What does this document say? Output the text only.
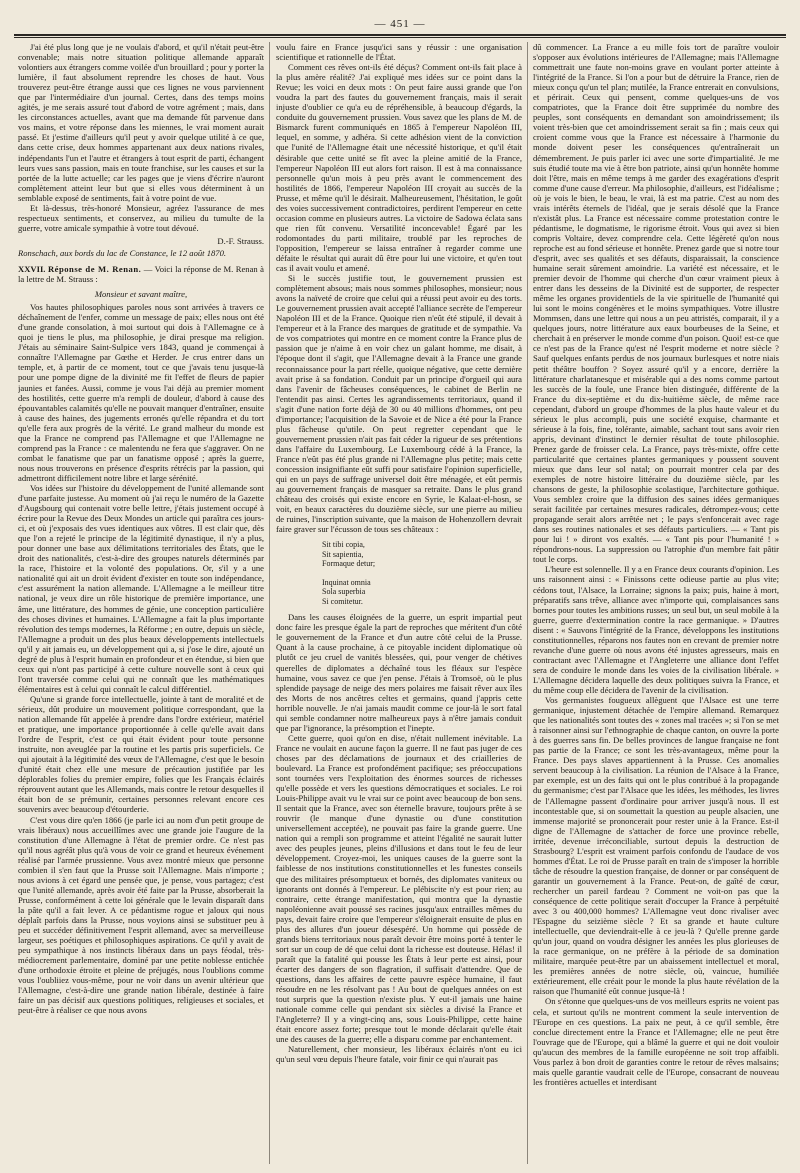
— 451 —

J'ai été plus long que je ne voulais d'abord, et qu'il n'était peut-être convenable; mais notre situation politique allemande apparaît volontiers aux étrangers comme voilée d'un brouillard ; pour y porter la lumière, il faut absolument reprendre les choses de haut. Vous trouverez peut-être étrange aussi que ces lignes ne vous parviennent que par l'intermédiaire d'un journal. Certes, dans des temps moins agités, je me serais assuré tout d'abord de votre agrément ; mais, dans les circonstances actuelles, avant que ma demande fût parvenue dans vos mains, et votre réponse dans les miennes, le vrai moment aurait passé. Et j'estime d'ailleurs qu'il peut y avoir quelque utilité à ce que, dans cette crise, deux hommes appartenant aux deux nations rivales, indépendants l'un et l'autre et étrangers à tout esprit de parti, échangent leurs vues sans passion, mais en toute franchise, sur les causes et sur la portée de la lutte actuelle; car les pages que je viens d'écrire n'auront complètement atteint leur but que si elles vous déterminent à un semblable exposé de sentiments, fait à votre point de vue.

Et là-dessus, très-honoré Monsieur, agréez l'assurance de mes respectueux sentiments, et conservez, au milieu du tumulte de la guerre, votre amicale sympathie à votre tout dévoué.

D.-F. Strauss.
Ronschach, aux bords du lac de Constance, le 12 août 1870.

XXVII. Réponse de M. Renan. — Voici la réponse de M. Renan à la lettre de M. Strauss :

Monsieur et savant maître,

Vos hautes philosophiques paroles nous sont arrivées à travers ce déchaînement de l'enfer, comme un message de paix; elles nous ont été d'une grande consolation, à moi surtout qui dois à l'Allemagne ce à quoi je tiens le plus, ma philosophie, je dirai presque ma religion. J'étais au séminaire Saint-Sulpice vers 1843, quand je commençai à connaître l'Allemagne par Gœthe et Herder. Je crus entrer dans un temple, et, à partir de ce moment, tout ce que j'avais tenu jusque-là pour une pompe digne de la divinité me fit l'effet de fleurs de papier jaunies et fanées. Aussi, comme je vous l'ai déjà au premier moment des hostilités, cette guerre m'a rempli de douleur, d'abord à cause des épouvantables calamités qu'elle ne pouvait manquer d'entraîner, ensuite à cause des haines, des jugements erronés qu'elle répandra et du tort qu'elle fera aux progrès de la vérité. Le grand malheur du monde est que la France ne comprend pas l'Allemagne et que l'Allemagne ne comprend pas la France : ce malentendu ne fera que s'aggraver. On ne combat le fanatisme que par un fanatisme opposé ; après la guerre, nous nous trouverons en présence d'esprits rétrécis par la passion, qui admettront difficilement notre libre et large sérénité.

Vos idées sur l'histoire du développement de l'unité allemande sont d'une parfaite justesse. Au moment où j'ai reçu le numéro de la Gazette d'Augsbourg qui contenait votre belle lettre, j'étais justement occupé à écrire pour la Revue des Deux Mondes un article qui paraîtra ces jours-ci, et où j'exposais des vues identiques aux vôtres. Il est clair que, dès que l'on a rejeté le principe de la légitimité dynastique, il n'y a plus, pour donner une base aux délimitations territoriales des États, que le droit des nationalités, c'est-à-dire des groupes naturels déterminés par la race, l'histoire et la volonté des populations. Or, s'il y a une nationalité qui ait un droit évident d'exister en toute son indépendance, c'est assurément la nation allemande. L'Allemagne a le meilleur titre national, je veux dire un rôle historique de première importance, une âme, une littérature, des hommes de génie, une conception particulière des choses divines et humaines. L'Allemagne a fait la plus importante révolution des temps modernes, la Réforme ; en outre, depuis un siècle, l'Allemagne a produit un des plus beaux développements intellectuels qu'il y ait jamais eu, un développement qui a, si j'ose le dire, ajouté un degré de plus à l'esprit humain en profondeur et en étendue, si bien que ceux qui n'ont pas participé à cette culture nouvelle sont à ceux qui l'ont traversée comme celui qui ne connaît que les mathématiques élémentaires est à celui qui connaît le calcul différentiel.

Qu'une si grande force intellectuelle, jointe à tant de moralité et de sérieux, dût produire un mouvement politique correspondant, que la nation allemande fût appelée à prendre dans l'ordre extérieur, matériel et pratique, une importance proportionnée à celle qu'elle avait dans l'ordre de l'esprit, c'est ce qui était évident pour toute personne instruite, non aveuglée par la routine et les partis pris superficiels. Ce qui ajoutait à la légitimité des vœux de l'Allemagne, c'est que le besoin d'unité était chez elle une mesure de précaution justifiée par les déplorables folies du premier empire, folies que les Français éclairés réprouvent autant que les Allemands, mais contre le retour desquelles il était bon de se prémunir, certaines personnes relevant encore ces souvenirs avec beaucoup d'étourderie.

C'est vous dire qu'en 1866 (je parle ici au nom d'un petit groupe de vrais libéraux) nous accueillîmes avec une grande joie l'augure de la constitution d'une Allemagne à l'état de premier ordre. Ce n'est pas qu'il nous agréât plus qu'à vous de voir ce grand et heureux événement réalisé par l'armée prussienne. Vous avez montré mieux que personne combien il s'en faut que la Prusse soit l'Allemagne. Mais n'importe ; nous avions à cet égard une pensée que, je pense, vous partagez; c'est que l'unité allemande, après avoir été faite par la Prusse, absorberait la Prusse, conformément à cette loi générale que le levain disparaît dans la pâte qu'il a fait lever. A ce pédantisme rogue et jaloux qui nous déplaît parfois dans la Prusse, nous voyions ainsi se substituer peu à peu et succéder définitivement l'esprit allemand, avec sa merveilleuse largeur, ses poétiques et philosophiques aspirations. Ce qu'il y avait de peu sympathique à nos instincts libéraux dans un pays féodal, très-médiocrement parlementaire, dominé par une petite noblesse entichée d'une orthodoxie étroite et pleine de préjugés, nous l'oublions comme vous l'oubliiez vous-même, pour ne voir dans un avenir ultérieur que l'Allemagne, c'est-à-dire une grande nation libérale, destinée à faire faire un pas décisif aux questions politiques, religieuses et sociales, et peut-être à réaliser ce que nous avons

voulu faire en France jusqu'ici sans y réussir : une organisation scientifique et rationnelle de l'État.

Comment ces rêves ont-ils été déçus? Comment ont-ils fait place à la plus amère réalité? J'ai expliqué mes idées sur ce point dans la Revue; les voici en deux mots : On peut faire aussi grande que l'on voudra la part des fautes du gouvernement français, mais il serait injuste d'oublier ce qu'a eu de répréhensible, à beaucoup d'égards, la conduite du gouvernement prussien. Vous savez que les plans de M. de Bismarck furent communiqués en 1865 à l'empereur Napoléon III, lequel, en somme, y adhéra. Si cette adhésion vient de la conviction que l'unité de l'Allemagne était une nécessité historique, et qu'il était désirable que cette unité se fît avec la pleine amitié de la France, l'empereur Napoléon III eut alors fort raison. Il est à ma connaissance personnelle qu'un mois à peu près avant le commencement des hostilités de 1866, l'empereur Napoléon III croyait au succès de la Prusse, et même qu'il le désirait. Malheureusement, l'hésitation, le goût des voies successivement contradictoires, perdirent l'empereur en cette occasion comme en plusieurs autres. La victoire de Sadowa éclata sans que rien fût convenu. Versatilité inconcevable! Égaré par les rodomontades du parti militaire, troublé par les reproches de l'opposition, l'empereur se laissa entraîner à regarder comme une défaite le résultat qui aurait dû être pour lui une victoire, et qu'en tout cas il avait voulu et amené.

Si le succès justifie tout, le gouvernement prussien est complètement absous; mais nous sommes philosophes, monsieur; nous avons la naïveté de croire que celui qui a réussi peut avoir eu des torts. Le gouvernement prussien avait accepté l'alliance secrète de l'empereur Napoléon III et de la France. Quoique rien n'eût été stipulé, il devait à l'empereur et à la France des marques de gratitude et de sympathie. Va de vos compatriotes qui montre en ce moment contre la France plus de passion que je n'aime à en voir chez un galant homme, me disait, à l'époque dont il s'agit, que l'Allemagne devait à la France une grande reconnaissance pour la part réelle, quoique négative, que cette dernière avait prise à sa fondation. Conduit par un principe d'orgueil qui aura dans l'avenir de fâcheuses conséquences, le cabinet de Berlin ne l'entendit pas ainsi. Certes les agrandissements territoriaux, quand il s'agit d'une nation forte déjà de 30 ou 40 millions d'hommes, ont peu d'importance; l'acquisition de la Savoie et de Nice a été pour la France plus fâcheuse qu'utile. On peut regretter cependant que le gouvernement prussien n'ait pas fait céder la rigueur de ses prétentions dans l'affaire du Luxembourg. Le Luxembourg cédé à la France, la France n'eût pas été plus grande ni l'Allemagne plus petite; mais cette concession insignifiante eût suffi pour satisfaire l'opinion superficielle, qui en un pays de suffrage universel doit être ménagée, et eût permis au gouvernement français de masquer sa retraite. Dans le plus grand château des croisés qui existe encore en Syrie, le Kalaat-el-hosn, se voit, en beaux caractères du douzième siècle, sur une pierre au milieu de ruines, l'inscription suivante, que la maison de Hohenzollern devrait faire graver sur l'écusson de tous ses châteaux :

Sit tibi copia,
Sit sapientia,
Formaque detur;
Inquinat omnia
Sola superbia
Si comitetur.

Dans les causes éloignées de la guerre, un esprit impartial peut donc faire les presque égale la part de reproches que méritent d'un côté le gouvernement de la France et d'un autre côté celui de la Prusse. Quant à la cause prochaine, à ce pitoyable incident diplomatique où plutôt ce jeu cruel de vanités blessées, qui, pour venger de chétives querelles de diplomates a déchaîné tous les fléaux sur l'espèce humaine, vous savez ce que j'en pense. J'étais à Tromsoë, où le plus splendide paysage de neige des mers polaires me faisait rêver aux îles des Morts de nos ancêtres celtes et germains, quand j'appris cette horrible nouvelle. Je n'ai jamais maudit comme ce jour-là le sort fatal qui semble condamner notre malheureux pays à n'être jamais conduit que par l'ignorance, la présomption et l'inepte.

Cette guerre, quoi qu'on en dise, n'était nullement inévitable. La France ne voulait en aucune façon la guerre. Il ne faut pas juger de ces choses par des déclamations de journaux et des criailleries de boulevard. La France est profondément pacifique; ses préoccupations sont tournées vers l'exploitation des énormes sources de richesses qu'elle possède et vers les questions démocratiques et sociales. Le roi Louis-Philippe avait vu le vrai sur ce point avec beaucoup de bon sens. Il sentait que la France, avec son éternelle bravure, toujours prête à se rouvrir (le manque d'une dynastie ou d'une constitution universellement acceptée), ne pouvait pas faire la grande guerre. Une nation qui a rempli son programme et atteint l'égalité ne saurait lutter avec des peuples jeunes, pleins d'illusions et dans tout le feu de leur développement. Croyez-moi, les uniques causes de la guerre sont la faiblesse de nos institutions constitutionnelles et les funestes conseils que des militaires présomptueux et bornés, des diplomates vaniteux ou ignorants ont donnés à l'empereur. Le plébiscite n'y est pour rien; au contraire, cette étrange manifestation, qui montra que la dynastie napoléonienne avait poussé ses racines jusqu'aux entrailles mêmes du pays, devait faire croire que l'empereur s'éloignerait ensuite de plus en plus des allures d'un joueur désespéré. Un homme qui possède de grands biens territoriaux nous paraît devoir être moins porté à tenter le sort sur un coup de dé que celui dont la richesse est douteuse. Hélas! il paraît que la fatalité qui pousse les États à leur perte est ainsi, pour écarter des dangers de son flagration, il suffisait d'attendre. Que de questions, dans les affaires de cette pauvre espèce humaine, il faut résoudre en ne les résolvant pas ! Au bout de quelques années on est tout surpris que la question n'existe plus. Y eut-il jamais une haine nationale comme celle qui pendant six siècles a divisé la France et l'Angleterre? Il y a vingt-cinq ans, sous Louis-Philippe, cette haine était encore assez forte; presque tout le monde déclarait qu'elle était une des causes de la guerre; elle a disparu comme par enchantement.

Naturellement, cher monsieur, les libéraux éclairés n'ont eu ici qu'un seul vœu depuis l'heure fatale, voir finir ce qui n'aurait pas

dû commencer. La France a eu mille fois tort de paraître vouloir s'opposer aux évolutions intérieures de l'Allemagne; mais l'Allemagne commettrait une faute non-moins grave en voulant porter atteinte à l'intégrité de la France. Si l'on a pour but de détruire la France, rien de mieux conçu qu'un tel plan; mutilée, la France entrerait en convulsions, et périrait. Ceux qui pensent, comme quelques-uns de vos compatriotes, que la France doit être supprimée du nombre des peuples, sont conséquents en demandant son amoindrissement; ils voient très-bien que cet amoindrissement serait sa fin ; mais ceux qui croient comme vous que la France est nécessaire à l'harmonie du monde doivent peser les conséquences qu'entraînerait un démembrement. Je puis parler ici avec une sorte d'impartialité. Je me suis étudié toute ma vie à être bon patriote, ainsi qu'un honnête homme doit l'être, mais en même temps à me garder des exagérations d'esprit comme d'une cause d'erreur. Ma philosophie, d'ailleurs, est l'idéalisme ; où je vois le bien, le beau, le vrai, là est ma patrie. C'est au nom des vrais intérêts éternels de l'idéal, que je serais désolé que la France n'existât plus. La France est nécessaire comme protestation contre le pédantisme, le dogmatisme, le rigorisme étroit. Vous qui avez si bien compris Voltaire, devez comprendre cela. Cette légèreté qu'on nous reproche est au fond sérieuse et honnête. Prenez garde que si notre tour d'esprit, avec ses qualités et ses défauts, disparaissait, la conscience humaine serait sûrement amoindrie. La variété est nécessaire, et le premier devoir de l'homme qui cherche d'un cœur vraiment pieux à entrer dans les desseins de la Divinité est de supporter, de respecter même les organes providentiels de la vie spirituelle de l'humanité qui lui sont le moins congénères et le moins sympathiques. Votre illustre Mommsen, dans une lettre qui nous a un peu attristés, comparait, il y a quelques jours, notre littérature aux eaux bourbeuses de la Seine, et cherchait à en préserver le monde comme d'un poison. Quoi! est-ce que ce n'est pas de la France qu'est né l'esprit moderne et notre siècle ? Sauf quelques enfants perdus de nos journaux burlesques et notre niais petit théâtre bouffon ? Soyez assuré qu'il y a encore, derrière la littérature charlatanesque et misérable qui a des noms comme partout les succès de la foule, une France bien distinguée, différente de la France du dix-septième et du dix-huitième siècle, de même race cependant, d'abord un groupe d'hommes de la plus haute valeur et du sérieux le plus accompli, puis une société exquise, charmante et sérieuse à la fois, fine, tolérante, aimable, sachant tout sans avoir rien appris, devinant d'instinct le dernier résultat de toute philosophie. Prenez garde de froisser cela. La France, pays très-mixte, offre cette particularité que certaines plantes germaniques y poussent souvent mieux que dans leur sol natal; on pourrait montrer cela par des exemples de notre histoire littéraire du douzième siècle, par les chansons de geste, la philosophie scolastique, l'architecture gothique. Vous semblez croire que la diffusion des saines idées germaniques serait facilitée par certaines mesures radicales, détrompez-vous; cette propagande serait alors arrêtée net ; le pays s'enfoncerait avec rage dans ses routines nationales et ses défauts particuliers. — « Tant pis pour lui ! » diront vos exaltés. — « Tant pis pour l'humanité ! » répondrons-nous. La suppression ou l'atrophie d'un membre fait pâtir tout le corps.

L'heure est solennelle. Il y a en France deux courants d'opinion. Les uns raisonnent ainsi : « Finissons cette odieuse partie au plus vite; cédons tout, l'Alsace, la Lorraine; signons la paix; puis, haine à mort, préparatifs sans trêve, alliance avec n'importe qui, complaisances sans bornes pour toutes les ambitions russes; un seul but, un seul mobile à la guerre, guerre d'extermination contre la race germanique. » D'autres disent : « Sauvons l'intégrité de la France, développons les institutions constitutionnelles, réparons nos fautes non en crevant de premier notre revanche d'une guerre où nous avons été injustes agresseurs, mais en contractant avec l'Allemagne et l'Angleterre une alliance dont l'effet sera de conduire le monde dans les voies de la civilisation libérale. » L'Allemagne décidera laquelle des deux politiques suivra la France, et du même coup elle décidera de l'avenir de la civilisation.

Vos germanistes fougueux allèguent que l'Alsace est une terre germanique, injustement détachée de l'empire allemand. Remarquez que les nationalités sont toutes des « zones mal tracées »; si l'on se met à raisonner ainsi sur l'ethnographie de chaque canton, on ouvre la porte à des guerres sans fin. De belles provinces de langue française ne font pas partie de la France; ce sont les très-avantageux, même pour la France. Des pays slaves appartiennent à la Prusse. Ces anomalies servent beaucoup à la civilisation. La réunion de l'Alsace à la France, par exemple, est un des faits qui ont le plus contribué à la propagande du germanisme; c'est par l'Alsace que les idées, les méthodes, les livres de l'Allemagne passent d'ordinaire pour arriver jusqu'à nous. Il est incontestable que, si on soumettait la question au peuple alsacien, une immense majorité se prononcerait pour rester unie à la France. Est-il digne de l'Allemagne de s'attacher de force une province rebelle, irritée, devenue irréconciliable, surtout depuis la destruction de Strasbourg? L'esprit est vraiment parfois confondu de l'audace de vos hommes d'État. Le roi de Prusse paraît en train de s'imposer la horrible tâche de résoudre la question française, de donner or par conséquent de garantir un gouvernement à la France. Peut-on, de gaîté de cœur, rechercher un pareil fardeau ? Comment ne voit-on pas que la conséquence de cette politique serait d'occuper la France à perpétuité avec 3 ou 400,000 hommes? L'Allemagne veut donc rivaliser avec l'Espagne du seizième siècle ? Et sa grande et haute culture intellectuelle, que deviendrait-elle à ce jeu-là ? Qu'elle prenne garde qu'un jour, quand on voudra désigner les années les plus glorieuses de la race germanique, on ne préfère à la période de sa domination militaire, marquée peut-être par un abaissement intellectuel et moral, les premières années de notre siècle, où, vaincue, humiliée extérieurement, elle créait pour le monde la plus haute révélation de la raison que l'humanité eût connue jusque-là !

On s'étonne que quelques-uns de vos meilleurs esprits ne voient pas cela, et surtout qu'ils ne montrent comment la seule intervention de l'Europe en ces questions. La paix ne peut, à ce qu'il semble, être conclue directement entre la France et l'Allemagne; elle ne peut être l'ouvrage que de l'Europe, qui a blâmé la guerre et qui ne doit vouloir qu'aucun des membres de la famille européenne ne soit trop affaibli. Vous parlez à bon droit de garanties contre le retour de rêves malsains; mais quelle garantie vaudrait celle de l'Europe, consacrant de nouveau les frontières actuelles et interdisant
